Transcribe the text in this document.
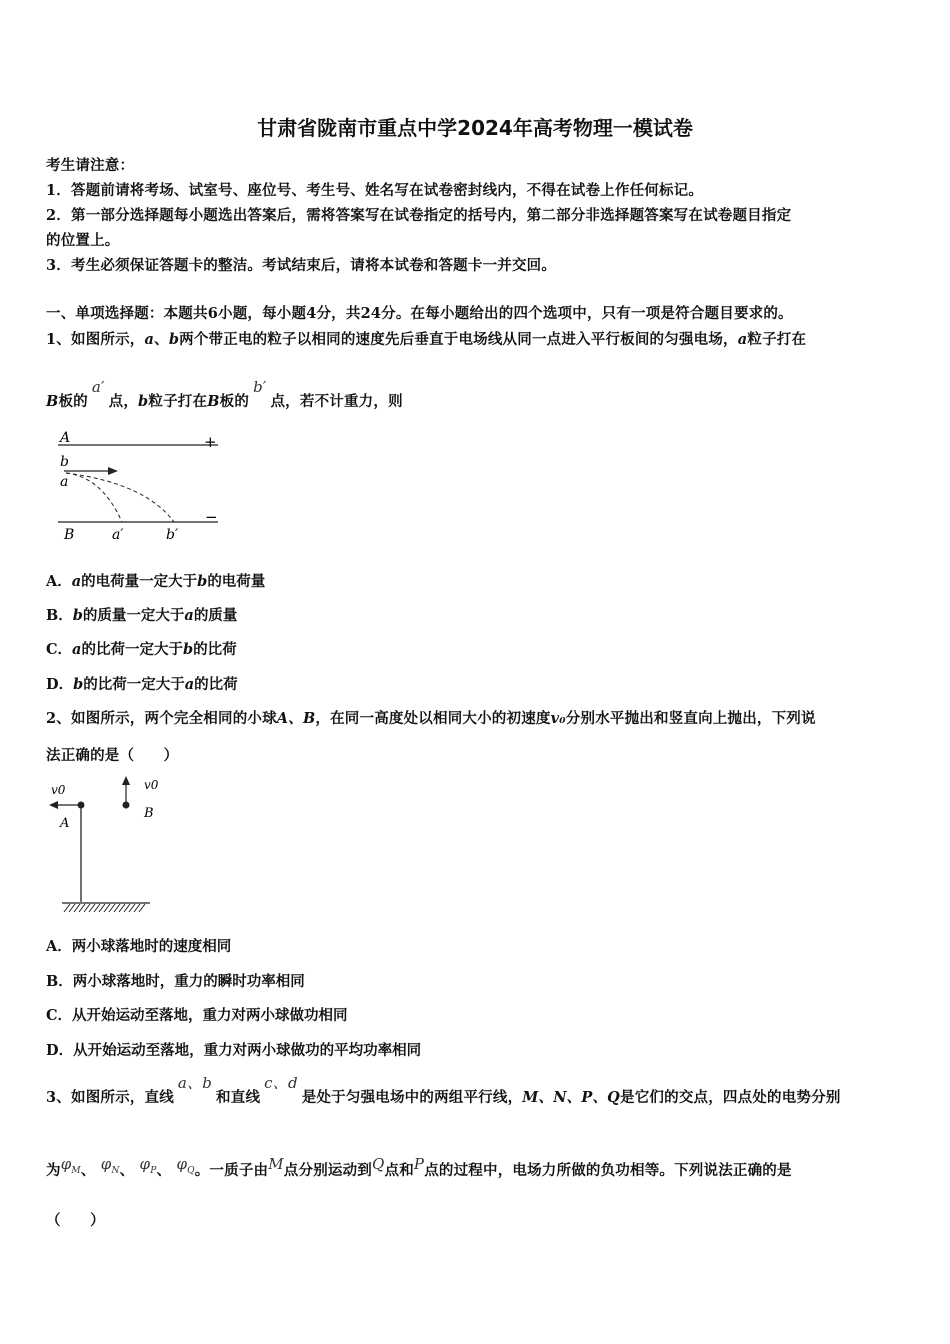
甘肃省陇南市重点中学2024年高考物理一模试卷
考生请注意：
1．答题前请将考场、试室号、座位号、考生号、姓名写在试卷密封线内，不得在试卷上作任何标记。
2．第一部分选择题每小题选出答案后，需将答案写在试卷指定的括号内，第二部分非选择题答案写在试卷题目指定
的位置上。
3．考生必须保证答题卡的整洁。考试结束后，请将本试卷和答题卡一并交回。
一、单项选择题：本题共6小题，每小题4分，共24分。在每小题给出的四个选项中，只有一项是符合题目要求的。
1、如图所示，a、b两个带正电的粒子以相同的速度先后垂直于电场线从同一点进入平行板间的匀强电场，a粒子打在
B板的a′点，b粒子打在B板的b′点，若不计重力，则
A	+
b
a
B	a′	b′
−
A．a的电荷量一定大于b的电荷量
B．b的质量一定大于a的质量
C．a的比荷一定大于b的比荷
D．b的比荷一定大于a的比荷
2、如图所示，两个完全相同的小球A、B，在同一高度处以相同大小的初速度v₀分别水平抛出和竖直向上抛出，下列说
法正确的是（　　）
v0
A
v0
B
A．两小球落地时的速度相同
B．两小球落地时，重力的瞬时功率相同
C．从开始运动至落地，重力对两小球做功相同
D．从开始运动至落地，重力对两小球做功的平均功率相同
3、如图所示，直线a、b和直线c、d是处于匀强电场中的两组平行线，M、N、P、Q是它们的交点，四点处的电势分别
为$\varphi_M$、 $\varphi_N$、 $\varphi_P$、 $\varphi_Q$。一质子由M点分别运动到Q点和P点的过程中，电场力所做的负功相等。下列说法正确的是
（　　）
